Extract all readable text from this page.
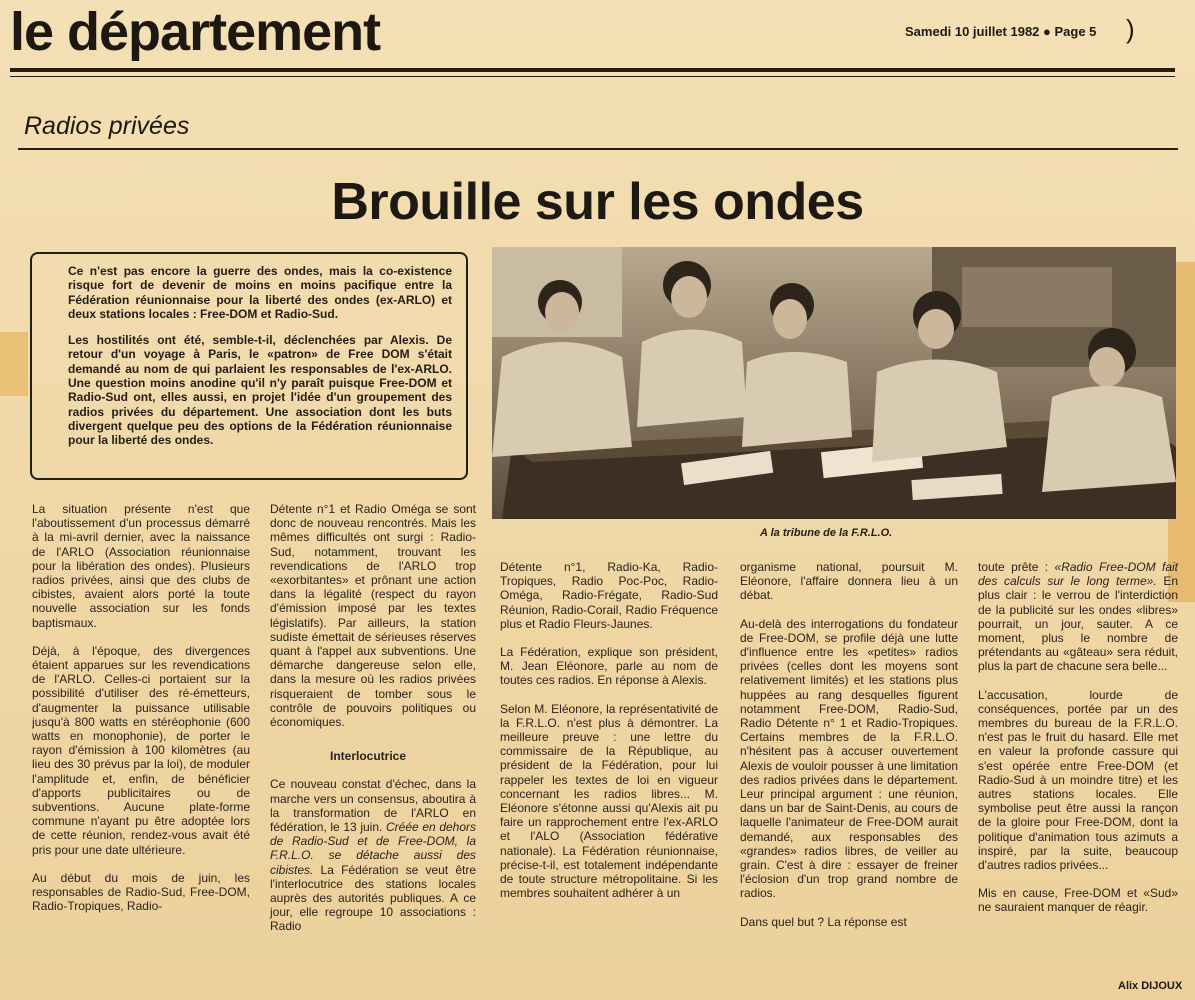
le département	Samedi 10 juillet 1982 ● Page 5 )
Radios privées
Brouille sur les ondes

Ce n'est pas encore la guerre des ondes, mais la co-existence risque fort de devenir de moins en moins pacifique entre la Fédération réunionnaise pour la liberté des ondes (ex-ARLO) et deux stations locales : Free-DOM et Radio-Sud.

Les hostilités ont été, semble-t-il, déclenchées par Alexis. De retour d'un voyage à Paris, le «patron» de Free DOM s'était demandé au nom de qui parlaient les responsables de l'ex-ARLO. Une question moins anodine qu'il n'y paraît puisque Free-DOM et Radio-Sud ont, elles aussi, en projet l'idée d'un groupement des radios privées du département. Une association dont les buts divergent quelque peu des options de la Fédération réunionnaise pour la liberté des ondes.

A la tribune de la F.R.L.O.

La situation présente n'est que l'aboutissement d'un processus démarré à la mi-avril dernier, avec la naissance de l'ARLO (Association réunionnaise pour la libération des ondes). Plusieurs radios privées, ainsi que des clubs de cibistes, avaient alors porté la toute nouvelle association sur les fonds baptismaux.

Déjà, à l'époque, des divergences étaient apparues sur les revendications de l'ARLO. Celles-ci portaient sur la possibilité d'utiliser des ré-émetteurs, d'augmenter la puissance utilisable jusqu'à 800 watts en stéréophonie (600 watts en monophonie), de porter le rayon d'émission à 100 kilomètres (au lieu des 30 prévus par la loi), de moduler l'amplitude et, enfin, de bénéficier d'apports publicitaires ou de subventions. Aucune plate-forme commune n'ayant pu être adoptée lors de cette réunion, rendez-vous avait été pris pour une date ultérieure.

Au début du mois de juin, les responsables de Radio-Sud, Free-DOM, Radio-Tropiques, Radio-

Détente n°1 et Radio Oméga se sont donc de nouveau rencontrés. Mais les mêmes difficultés ont surgi : Radio-Sud, notamment, trouvant les revendications de l'ARLO trop «exorbitantes» et prônant une action dans la légalité (respect du rayon d'émission imposé par les textes législatifs). Par ailleurs, la station sudiste émettait de sérieuses réserves quant à l'appel aux subventions. Une démarche dangereuse selon elle, dans la mesure où les radios privées risqueraient de tomber sous le contrôle de pouvoirs politiques ou économiques.

Interlocutrice

Ce nouveau constat d'échec, dans la marche vers un consensus, aboutira à la transformation de l'ARLO en fédération, le 13 juin. Créée en dehors de Radio-Sud et de Free-DOM, la F.R.L.O. se détache aussi des cibistes. La Fédération se veut être l'interlocutrice des stations locales auprès des autorités publiques. A ce jour, elle regroupe 10 associations : Radio

Détente n°1, Radio-Ka, Radio-Tropiques, Radio Poc-Poc, Radio-Oméga, Radio-Frégate, Radio-Sud Réunion, Radio-Corail, Radio Fréquence plus et Radio Fleurs-Jaunes.

La Fédération, explique son président, M. Jean Eléonore, parle au nom de toutes ces radios. En réponse à Alexis.

Selon M. Eléonore, la représentativité de la F.R.L.O. n'est plus à démontrer. La meilleure preuve : une lettre du commissaire de la République, au président de la Fédération, pour lui rappeler les textes de loi en vigueur concernant les radios libres... M. Eléonore s'étonne aussi qu'Alexis ait pu faire un rapprochement entre l'ex-ARLO et l'ALO (Association fédérative nationale). La Fédération réunionnaise, précise-t-il, est totalement indépendante de toute structure métropolitaine. Si les membres souhaitent adhérer à un

organisme national, poursuit M. Eléonore, l'affaire donnera lieu à un débat.

Au-delà des interrogations du fondateur de Free-DOM, se profile déjà une lutte d'influence entre les «petites» radios privées (celles dont les moyens sont relativement limités) et les stations plus huppées au rang desquelles figurent notamment Free-DOM, Radio-Sud, Radio Détente n° 1 et Radio-Tropiques. Certains membres de la F.R.L.O. n'hésitent pas à accuser ouvertement Alexis de vouloir pousser à une limitation des radios privées dans le département. Leur principal argument : une réunion, dans un bar de Saint-Denis, au cours de laquelle l'animateur de Free-DOM aurait demandé, aux responsables des «grandes» radios libres, de veiller au grain. C'est à dire : essayer de freiner l'éclosion d'un trop grand nombre de radios.

Dans quel but ? La réponse est

toute prête : «Radio Free-DOM fait des calculs sur le long terme». En plus clair : le verrou de l'interdiction de la publicité sur les ondes «libres» pourrait, un jour, sauter. A ce moment, plus le nombre de prétendants au «gâteau» sera réduit, plus la part de chacune sera belle...

L'accusation, lourde de conséquences, portée par un des membres du bureau de la F.R.L.O. n'est pas le fruit du hasard. Elle met en valeur la profonde cassure qui s'est opérée entre Free-DOM (et Radio-Sud à un moindre titre) et les autres stations locales. Elle symbolise peut être aussi la rançon de la gloire pour Free-DOM, dont la politique d'animation tous azimuts a inspiré, par la suite, beaucoup d'autres radios privées...

Mis en cause, Free-DOM et «Sud» ne sauraient manquer de réagir.

Alix DIJOUX
